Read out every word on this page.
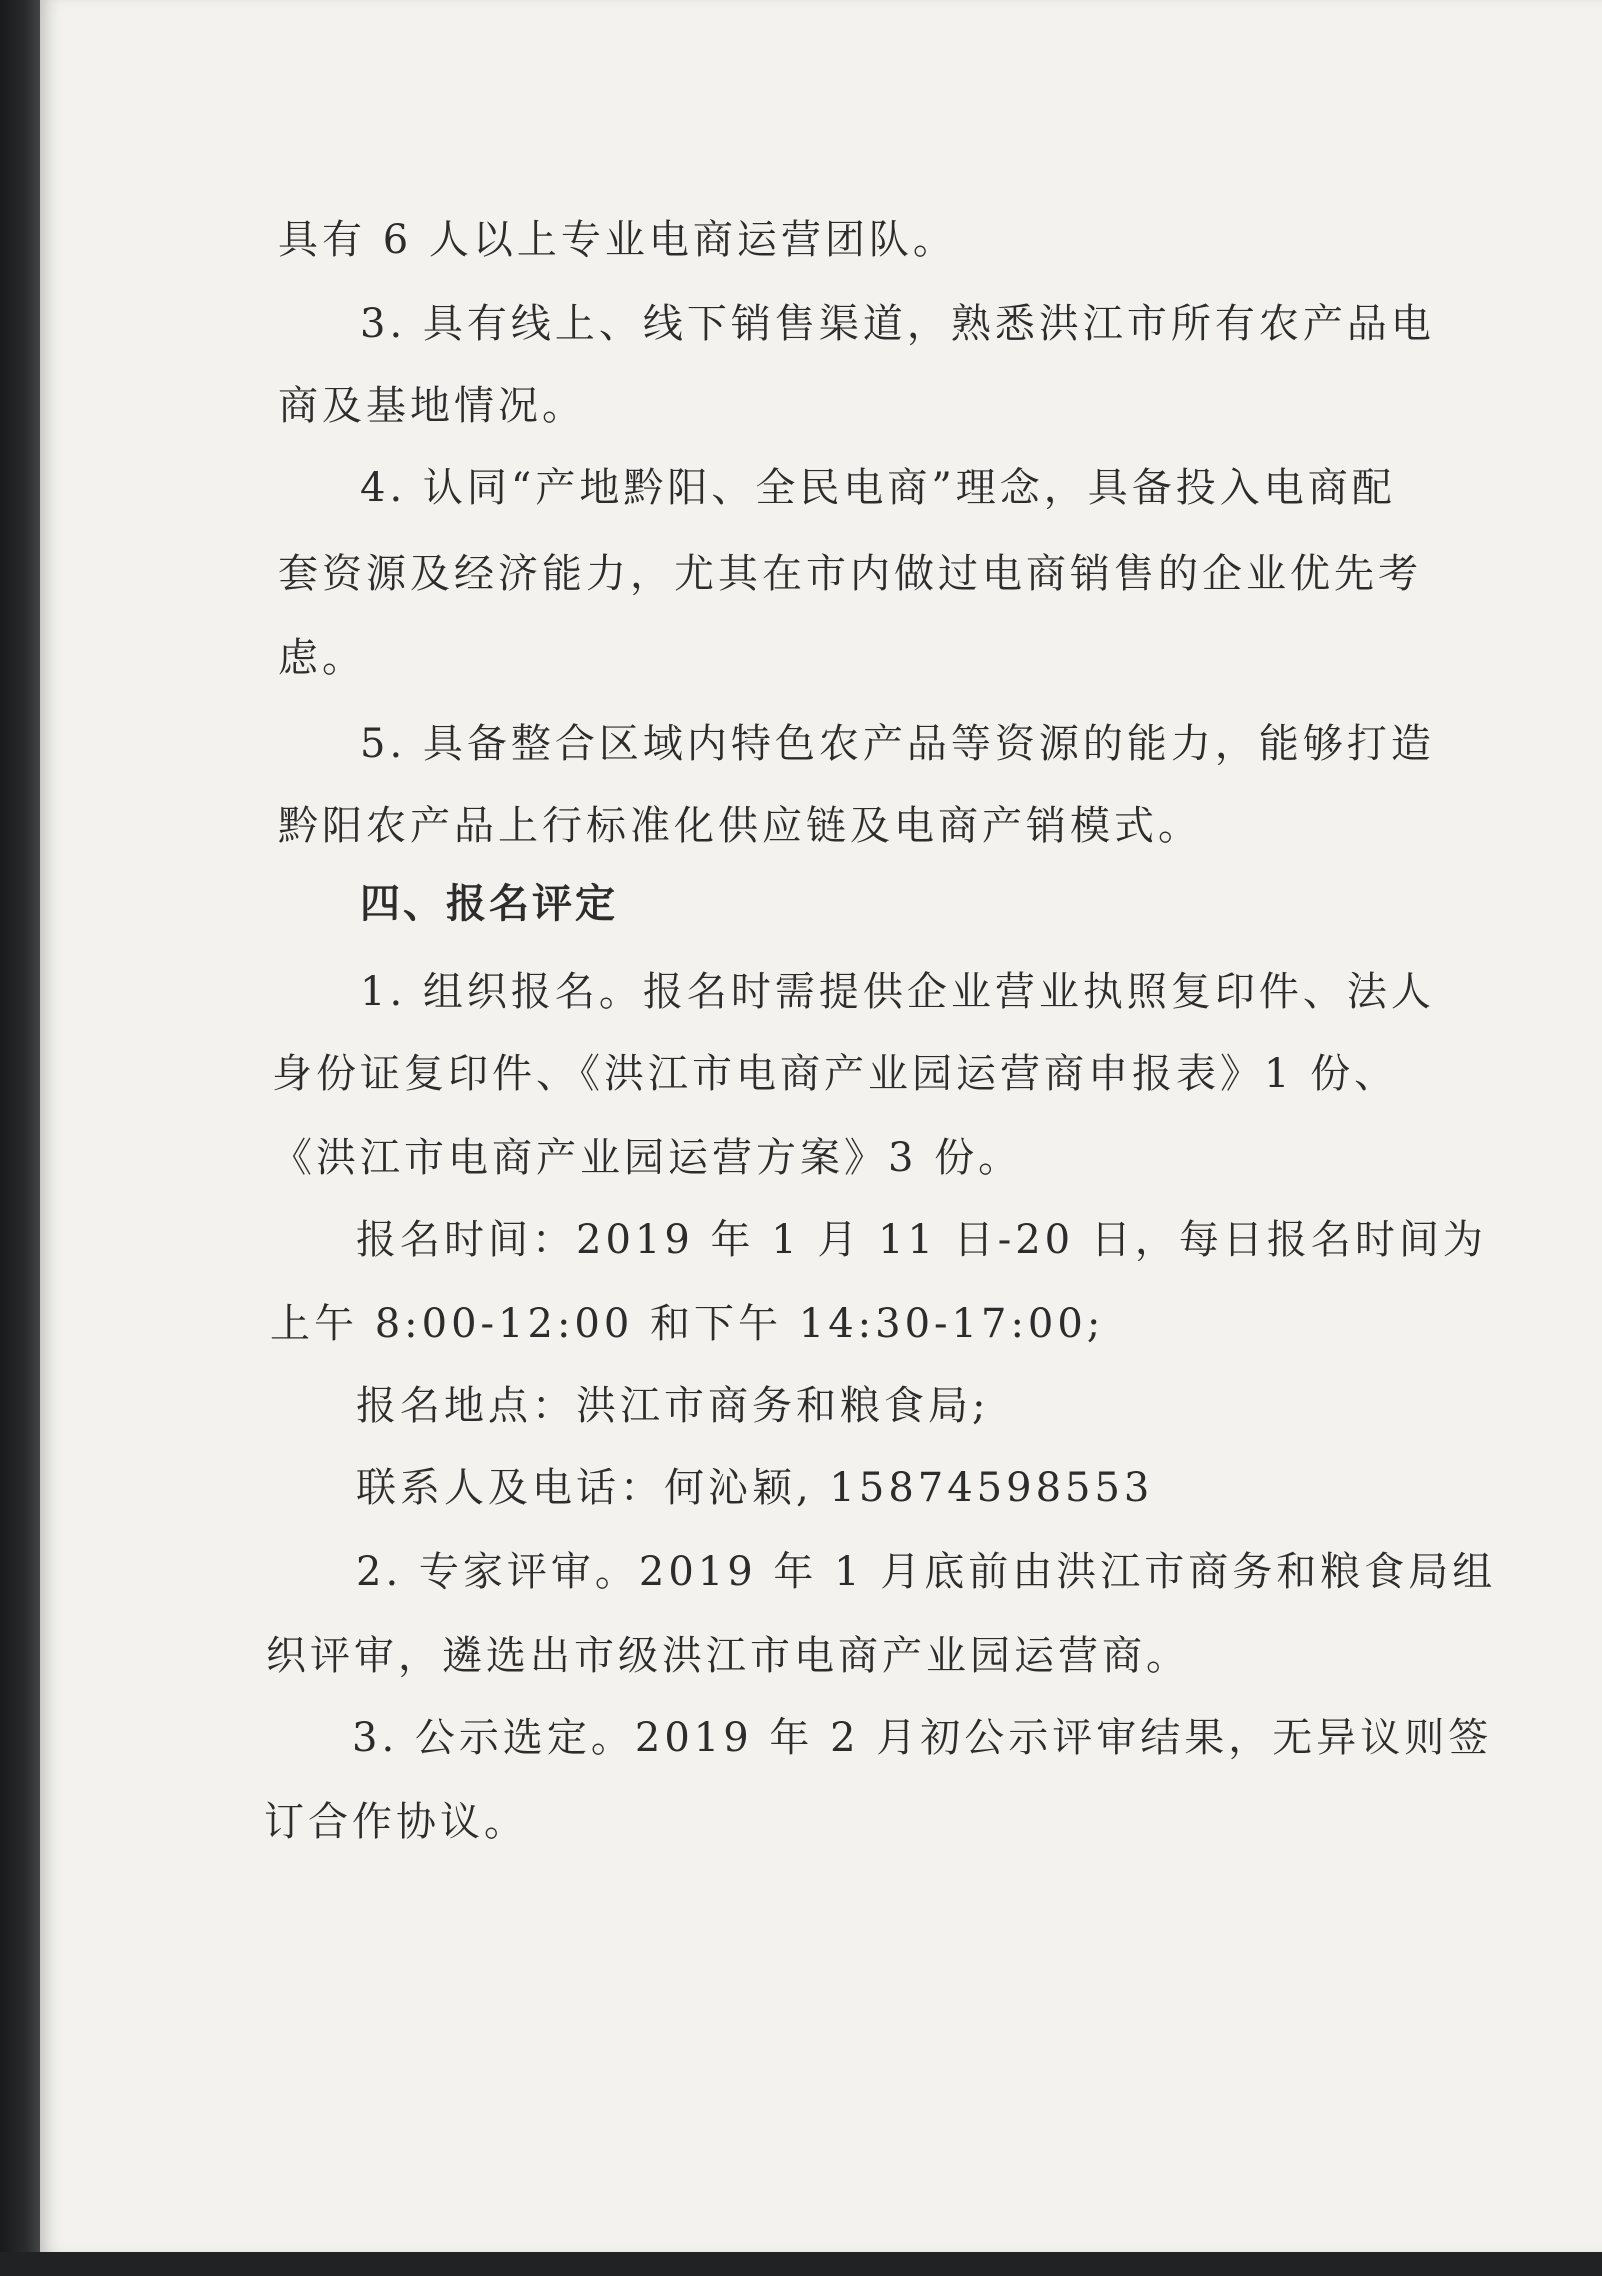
具有 6 人以上专业电商运营团队。
3. 具有线上、线下销售渠道，熟悉洪江市所有农产品电
商及基地情况。
4. 认同“产地黔阳、全民电商”理念，具备投入电商配
套资源及经济能力，尤其在市内做过电商销售的企业优先考
虑。
5. 具备整合区域内特色农产品等资源的能力，能够打造
黔阳农产品上行标准化供应链及电商产销模式。
四、报名评定
1. 组织报名。报名时需提供企业营业执照复印件、法人
身份证复印件、《洪江市电商产业园运营商申报表》1 份、
《洪江市电商产业园运营方案》3 份。
报名时间：2019 年 1 月 11 日-20 日，每日报名时间为
上午 8:00-12:00 和下午 14:30-17:00;
报名地点：洪江市商务和粮食局;
联系人及电话：何沁颖, 15874598553
2. 专家评审。2019 年 1 月底前由洪江市商务和粮食局组
织评审，遴选出市级洪江市电商产业园运营商。
3. 公示选定。2019 年 2 月初公示评审结果，无异议则签
订合作协议。
